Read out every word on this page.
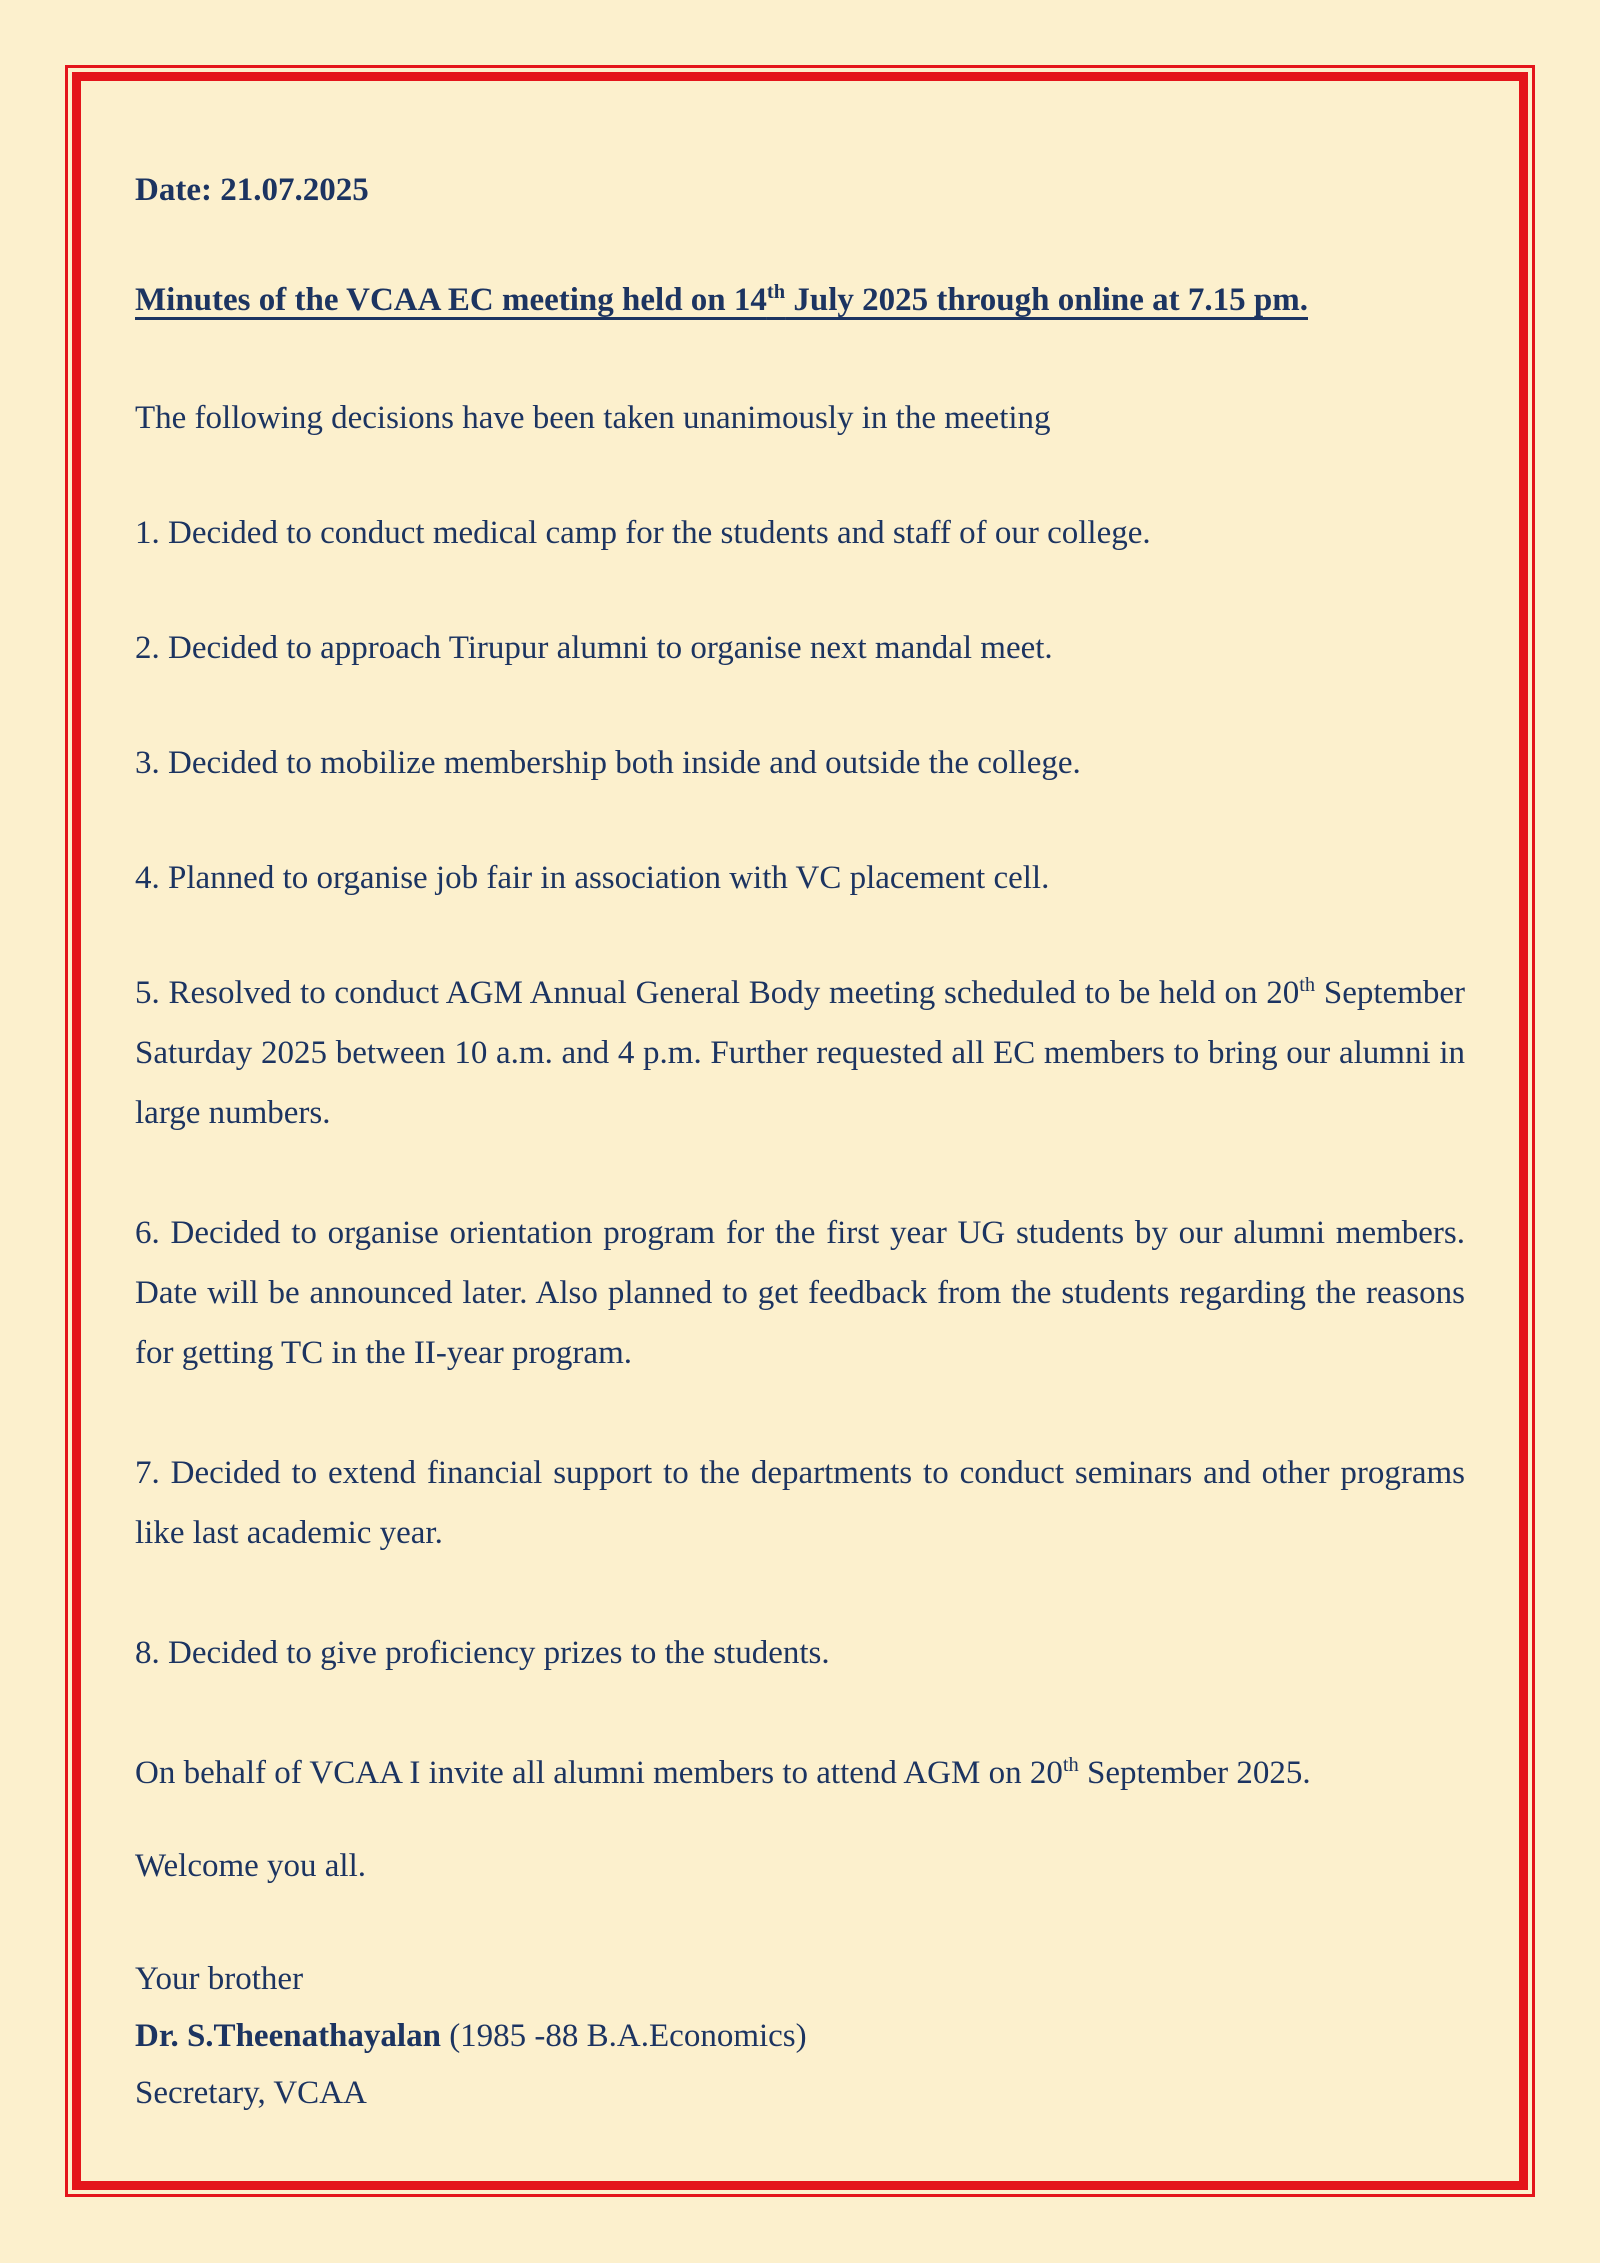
Date: 21.07.2025

Minutes of the VCAA EC meeting held on 14th July 2025 through online at 7.15 pm.

The following decisions have been taken unanimously in the meeting

1. Decided to conduct medical camp for the students and staff of our college.

2. Decided to approach Tirupur alumni to organise next mandal meet.

3. Decided to mobilize membership both inside and outside the college.

4. Planned to organise job fair in association with VC placement cell.

5. Resolved to conduct AGM Annual General Body meeting scheduled to be held on 20th September Saturday 2025 between 10 a.m. and 4 p.m. Further requested all EC members to bring our alumni in large numbers.

6. Decided to organise orientation program for the first year UG students by our alumni members. Date will be announced later. Also planned to get feedback from the students regarding the reasons for getting TC in the II-year program.

7. Decided to extend financial support to the departments to conduct seminars and other programs like last academic year.

8. Decided to give proficiency prizes to the students.

On behalf of VCAA I invite all alumni members to attend AGM on 20th September 2025.

Welcome you all.

Your brother

Dr. S.Theenathayalan (1985 -88 B.A.Economics)

Secretary, VCAA
